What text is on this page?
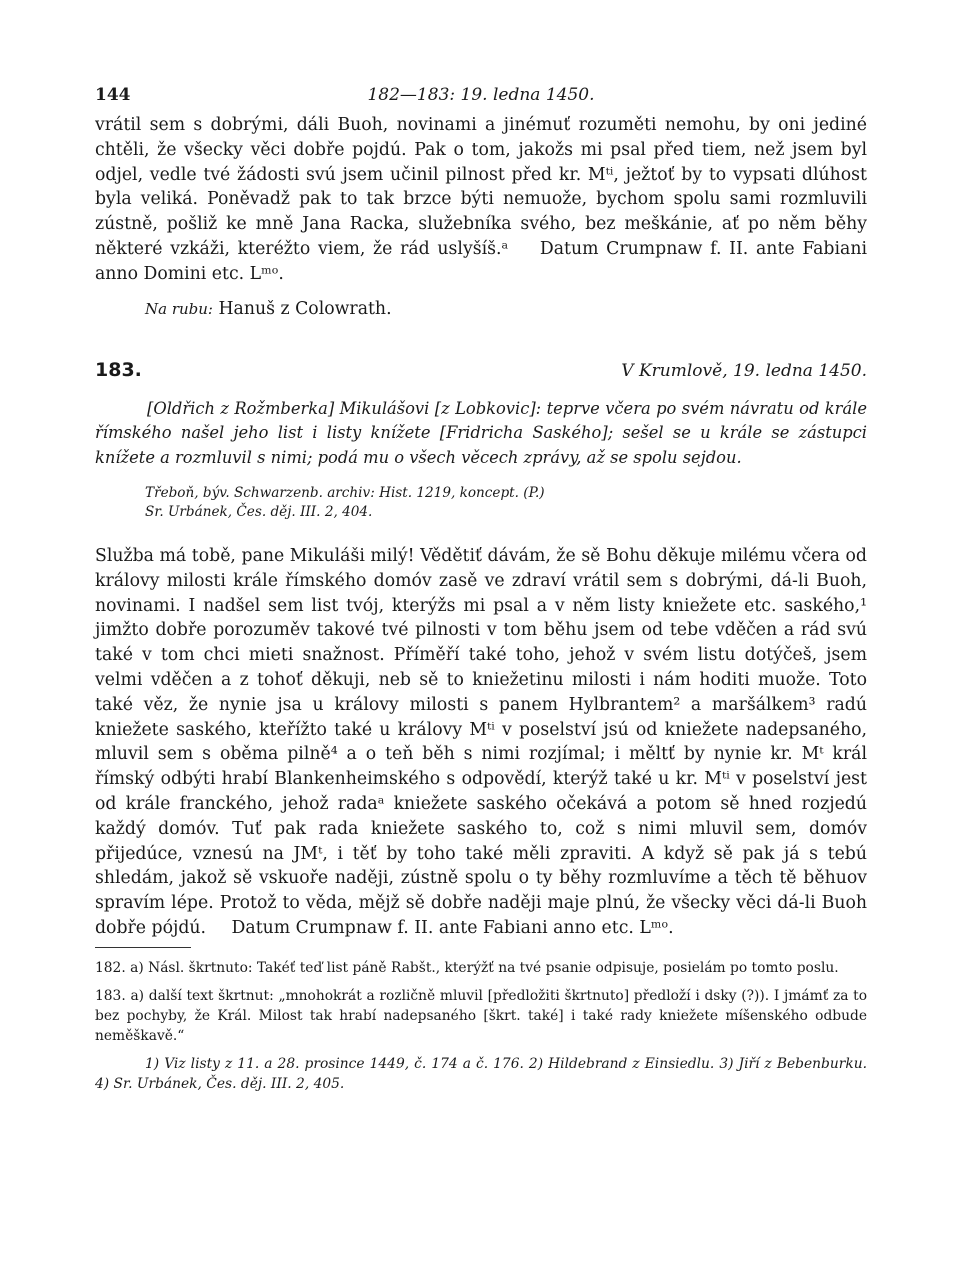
182—183: 19. ledna 1450.
144

vrátil sem s dobrými, dáli Buoh, novinami a jinémuť rozuměti nemohu, by oni jediné chtěli, že všecky věci dobře pojdú. Pak o tom, jakožs mi psal před tiem, než jsem byl odjel, vedle tvé žádosti svú jsem učinil pilnost před kr. Mᵗⁱ, ježtoť by to vypsati dlúhost byla veliká. Poněvadž pak to tak brzce býti nemuože, bychom spolu sami rozmluvili zústně, pošliž ke mně Jana Racka, služebníka svého, bez meškánie, ať po něm běhy některé vzkáži, kteréžto viem, že rád uslyšíš.ᵃ Datum Crumpnaw f. II. ante Fabiani anno Domini etc. Lᵐᵒ.

Na rubu: Hanuš z Colowrath.

183.	V Krumlově, 19. ledna 1450.

[Oldřich z Rožmberka] Mikulášovi [z Lobkovic]: teprve včera po svém návratu od krále římského našel jeho list i listy knížete [Fridricha Saského]; sešel se u krále se zástupci knížete a rozmluvil s nimi; podá mu o všech věcech zprávy, až se spolu sejdou.

Třeboň, býv. Schwarzenb. archiv: Hist. 1219, koncept. (P.)
Sr. Urbánek, Čes. děj. III. 2, 404.

Služba má tobě, pane Mikuláši milý! Vědětiť dávám, že sě Bohu děkuje milému včera od královy milosti krále římského domóv zasě ve zdraví vrátil sem s dobrými, dá-li Buoh, novinami. I nadšel sem list tvój, kterýžs mi psal a v něm listy kniežete etc. saského,¹ jimžto dobře porozuměv takové tvé pilnosti v tom běhu jsem od tebe vděčen a rád svú také v tom chci mieti snažnost. Příměří také toho, jehož v svém listu dotýčeš, jsem velmi vděčen a z tohoť děkuji, neb sě to kniežetinu milosti i nám hoditi muože. Toto také věz, že nynie jsa u královy milosti s panem Hylbrantem² a maršálkem³ radú kniežete saského, kteřížto také u královy Mᵗⁱ v poselství jsú od kniežete nadepsaného, mluvil sem s oběma pilně⁴ a o teň běh s nimi rozjímal; i měltť by nynie kr. Mᵗ král římský odbýti hrabí Blankenheimského s odpovědí, kterýž také u kr. Mᵗⁱ v poselství jest od krále franckého, jehož radaᵃ kniežete saského očekává a potom sě hned rozjedú každý domóv. Tuť pak rada kniežete saského to, což s nimi mluvil sem, domóv přijedúce, vznesú na JMᵗ, i těť by toho také měli zpraviti. A když sě pak já s tebú shledám, jakož sě vskuoře naději, zústně spolu o ty běhy rozmluvíme a těch tě běhuov spravím lépe. Protož to věda, mějž sě dobře naději maje plnú, že všecky věci dá-li Buoh dobře pójdú. Datum Crumpnaw f. II. ante Fabiani anno etc. Lᵐᵒ.

182. a) Násl. škrtnuto: Takéť teď list páně Rabšt., kterýžť na tvé psanie odpisuje, posielám po tomto poslu.

183. a) další text škrtnut: „mnohokrát a rozličně mluvil [předložiti škrtnuto] předloží i dsky (?)). I jmámť za to bez pochyby, že Král. Milost tak hrabí nadepsaného [škrt. také] i také rady kniežete míšenského odbude neměškavě.“

1) Viz listy z 11. a 28. prosince 1449, č. 174 a č. 176. 2) Hildebrand z Einsiedlu. 3) Jiří z Bebenburku. 4) Sr. Urbánek, Čes. děj. III. 2, 405.
